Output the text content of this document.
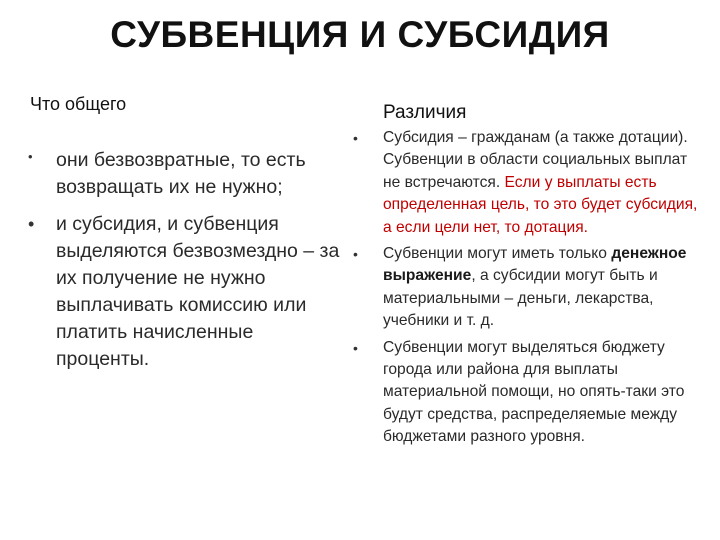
СУБВЕНЦИЯ И СУБСИДИЯ
Что общего
• они безвозвратные, то есть возвращать их не нужно;
• и субсидия, и субвенция выделяются безвозмездно – за их получение не нужно выплачивать комиссию или платить начисленные проценты.
Различия
• Субсидия – гражданам (а также дотации). Субвенции в области социальных выплат не встречаются. Если у выплаты есть определенная цель, то это будет субсидия, а если цели нет, то дотация.
• Субвенции могут иметь только денежное выражение, а субсидии могут быть и материальными – деньги, лекарства, учебники и т. д.
• Субвенции могут выделяться бюджету города или района для выплаты материальной помощи, но опять-таки это будут средства, распределяемые между бюджетами разного уровня.
